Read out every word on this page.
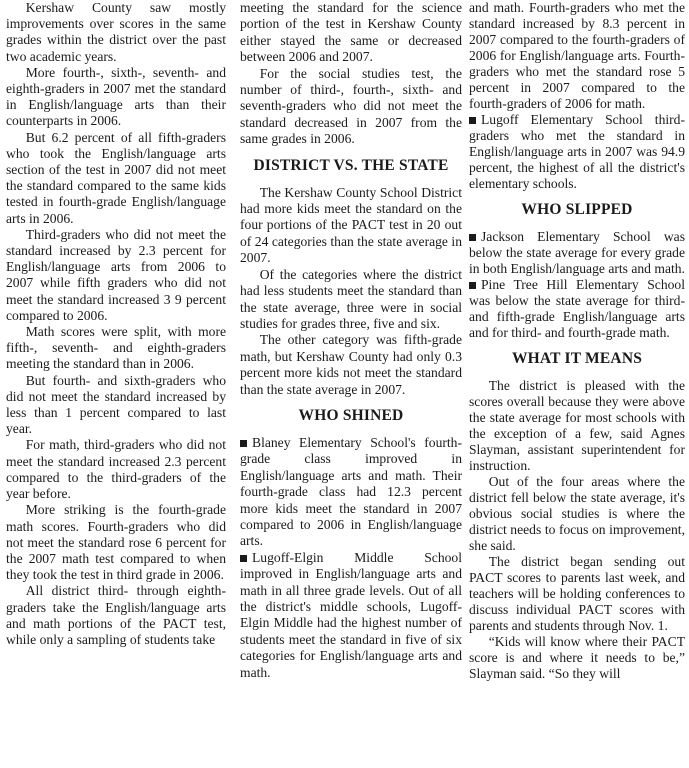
Kershaw County saw mostly improvements over scores in the same grades within the district over the past two academic years.

More fourth-, sixth-, seventh- and eighth-graders in 2007 met the standard in English/language arts than their counterparts in 2006.

But 6.2 percent of all fifth-graders who took the English/language arts section of the test in 2007 did not meet the standard compared to the same kids tested in fourth-grade English/language arts in 2006.

Third-graders who did not meet the standard increased by 2.3 percent for English/language arts from 2006 to 2007 while fifth graders who did not meet the standard increased 3 9 percent compared to 2006.

Math scores were split, with more fifth-, seventh- and eighth-graders meeting the standard than in 2006.

But fourth- and sixth-graders who did not meet the standard increased by less than 1 percent compared to last year.

For math, third-graders who did not meet the standard increased 2.3 percent compared to the third-graders of the year before.

More striking is the fourth-grade math scores. Fourth-graders who did not meet the standard rose 6 percent for the 2007 math test compared to when they took the test in third grade in 2006.

All district third- through eighth-graders take the English/language arts and math portions of the PACT test, while only a sampling of students take

meeting the standard for the science portion of the test in Kershaw County either stayed the same or decreased between 2006 and 2007.

For the social studies test, the number of third-, fourth-, sixth- and seventh-graders who did not meet the standard decreased in 2007 from the same grades in 2006.

DISTRICT VS. THE STATE

The Kershaw County School District had more kids meet the standard on the four portions of the PACT test in 20 out of 24 categories than the state average in 2007.

Of the categories where the district had less students meet the standard than the state average, three were in social studies for grades three, five and six.

The other category was fifth-grade math, but Kershaw County had only 0.3 percent more kids not meet the standard than the state average in 2007.

WHO SHINED

Blaney Elementary School's fourth-grade class improved in English/language arts and math. Their fourth-grade class had 12.3 percent more kids meet the standard in 2007 compared to 2006 in English/language arts.

Lugoff-Elgin Middle School improved in English/language arts and math in all three grade levels. Out of all the district's middle schools, Lugoff-Elgin Middle had the highest number of students meet the standard in five of six categories for English/language arts and math.

and math. Fourth-graders who met the standard increased by 8.3 percent in 2007 compared to the fourth-graders of 2006 for English/language arts. Fourth-graders who met the standard rose 5 percent in 2007 compared to the fourth-graders of 2006 for math.

Lugoff Elementary School third-graders who met the standard in English/language arts in 2007 was 94.9 percent, the highest of all the district's elementary schools.

WHO SLIPPED

Jackson Elementary School was below the state average for every grade in both English/language arts and math.

Pine Tree Hill Elementary School was below the state average for third- and fifth-grade English/language arts and for third- and fourth-grade math.

WHAT IT MEANS

The district is pleased with the scores overall because they were above the state average for most schools with the exception of a few, said Agnes Slayman, assistant superintendent for instruction.

Out of the four areas where the district fell below the state average, it's obvious social studies is where the district needs to focus on improvement, she said.

The district began sending out PACT scores to parents last week, and teachers will be holding conferences to discuss individual PACT scores with parents and students through Nov. 1.

“Kids will know where their PACT score is and where it needs to be,” Slayman said. “So they will
